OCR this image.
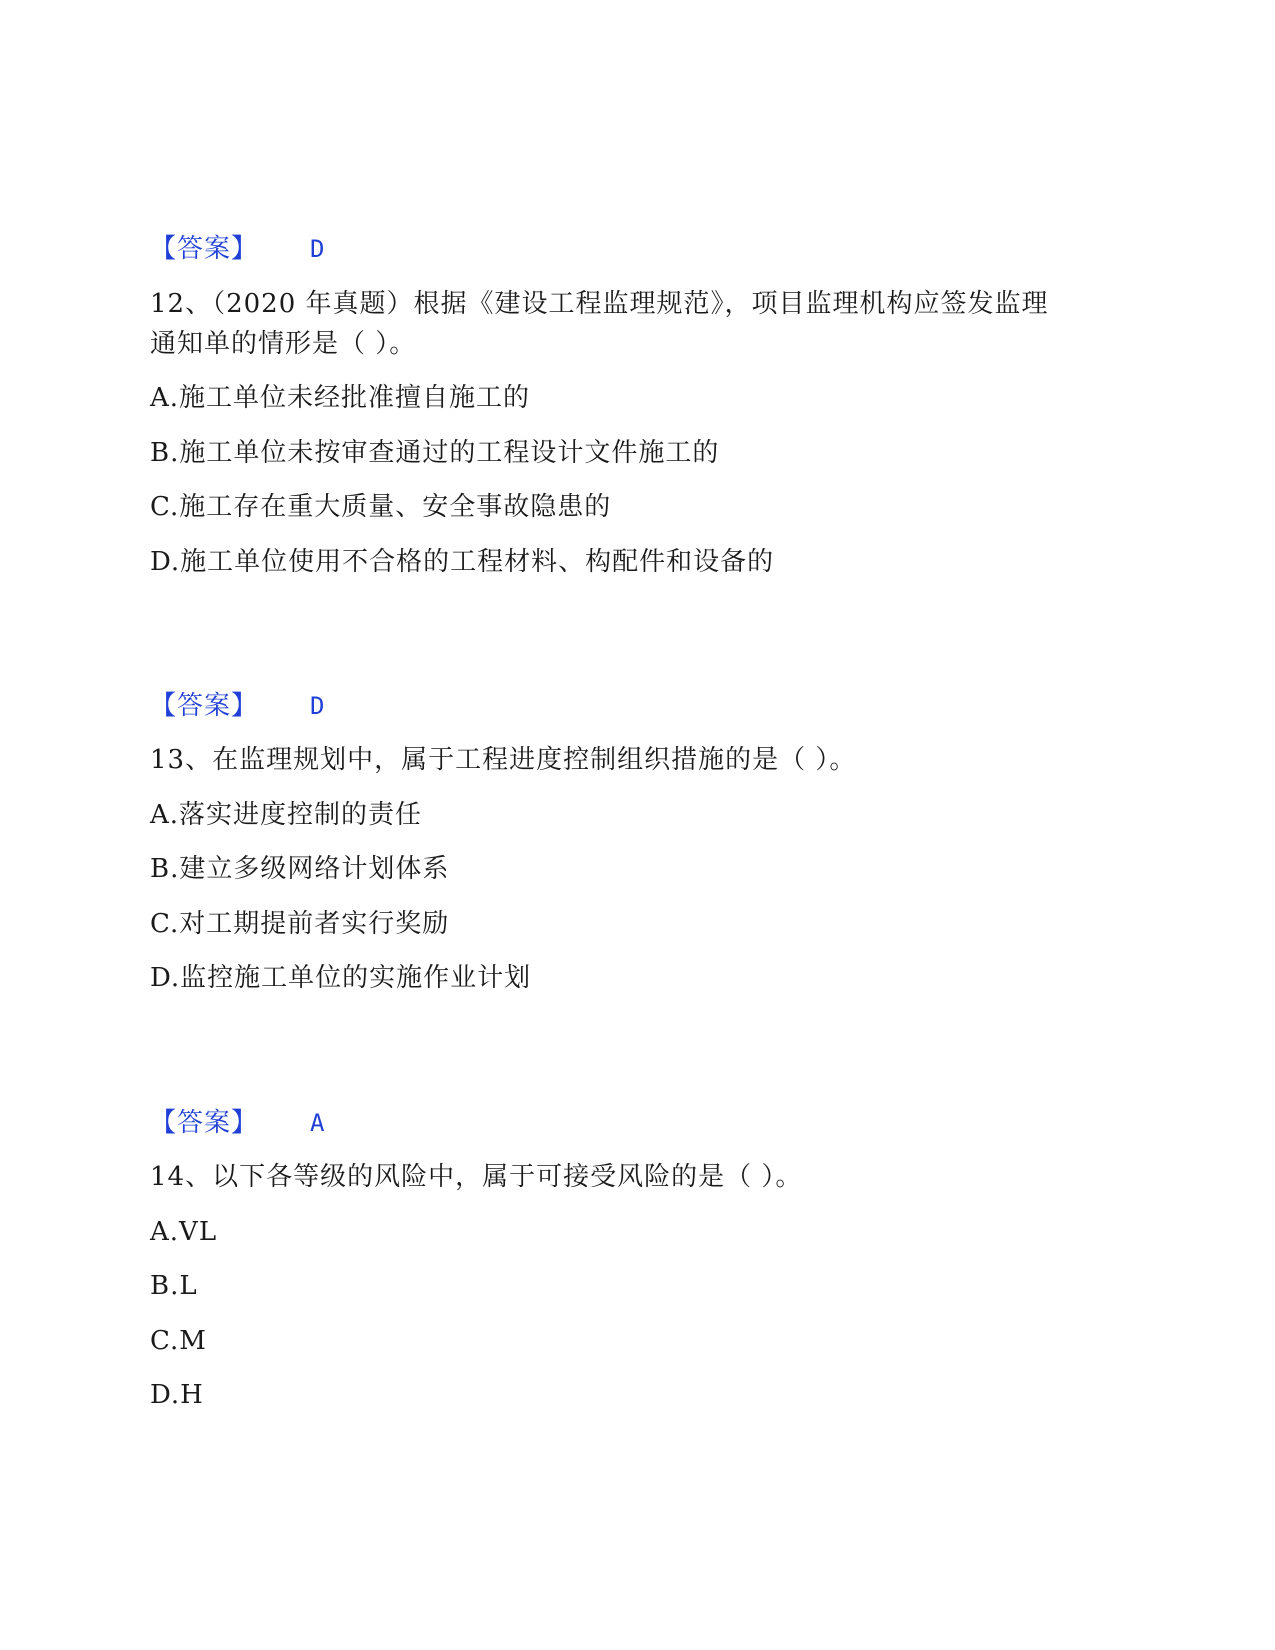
【答案】 D
12、（2020 年真题）根据《建设工程监理规范》，项目监理机构应签发监理
通知单的情形是（ ）。
A.施工单位未经批准擅自施工的
B.施工单位未按审查通过的工程设计文件施工的
C.施工存在重大质量、安全事故隐患的
D.施工单位使用不合格的工程材料、构配件和设备的
【答案】 D
13、在监理规划中，属于工程进度控制组织措施的是（ ）。
A.落实进度控制的责任
B.建立多级网络计划体系
C.对工期提前者实行奖励
D.监控施工单位的实施作业计划
【答案】 A
14、以下各等级的风险中，属于可接受风险的是（ ）。
A.VL
B.L
C.M
D.H
